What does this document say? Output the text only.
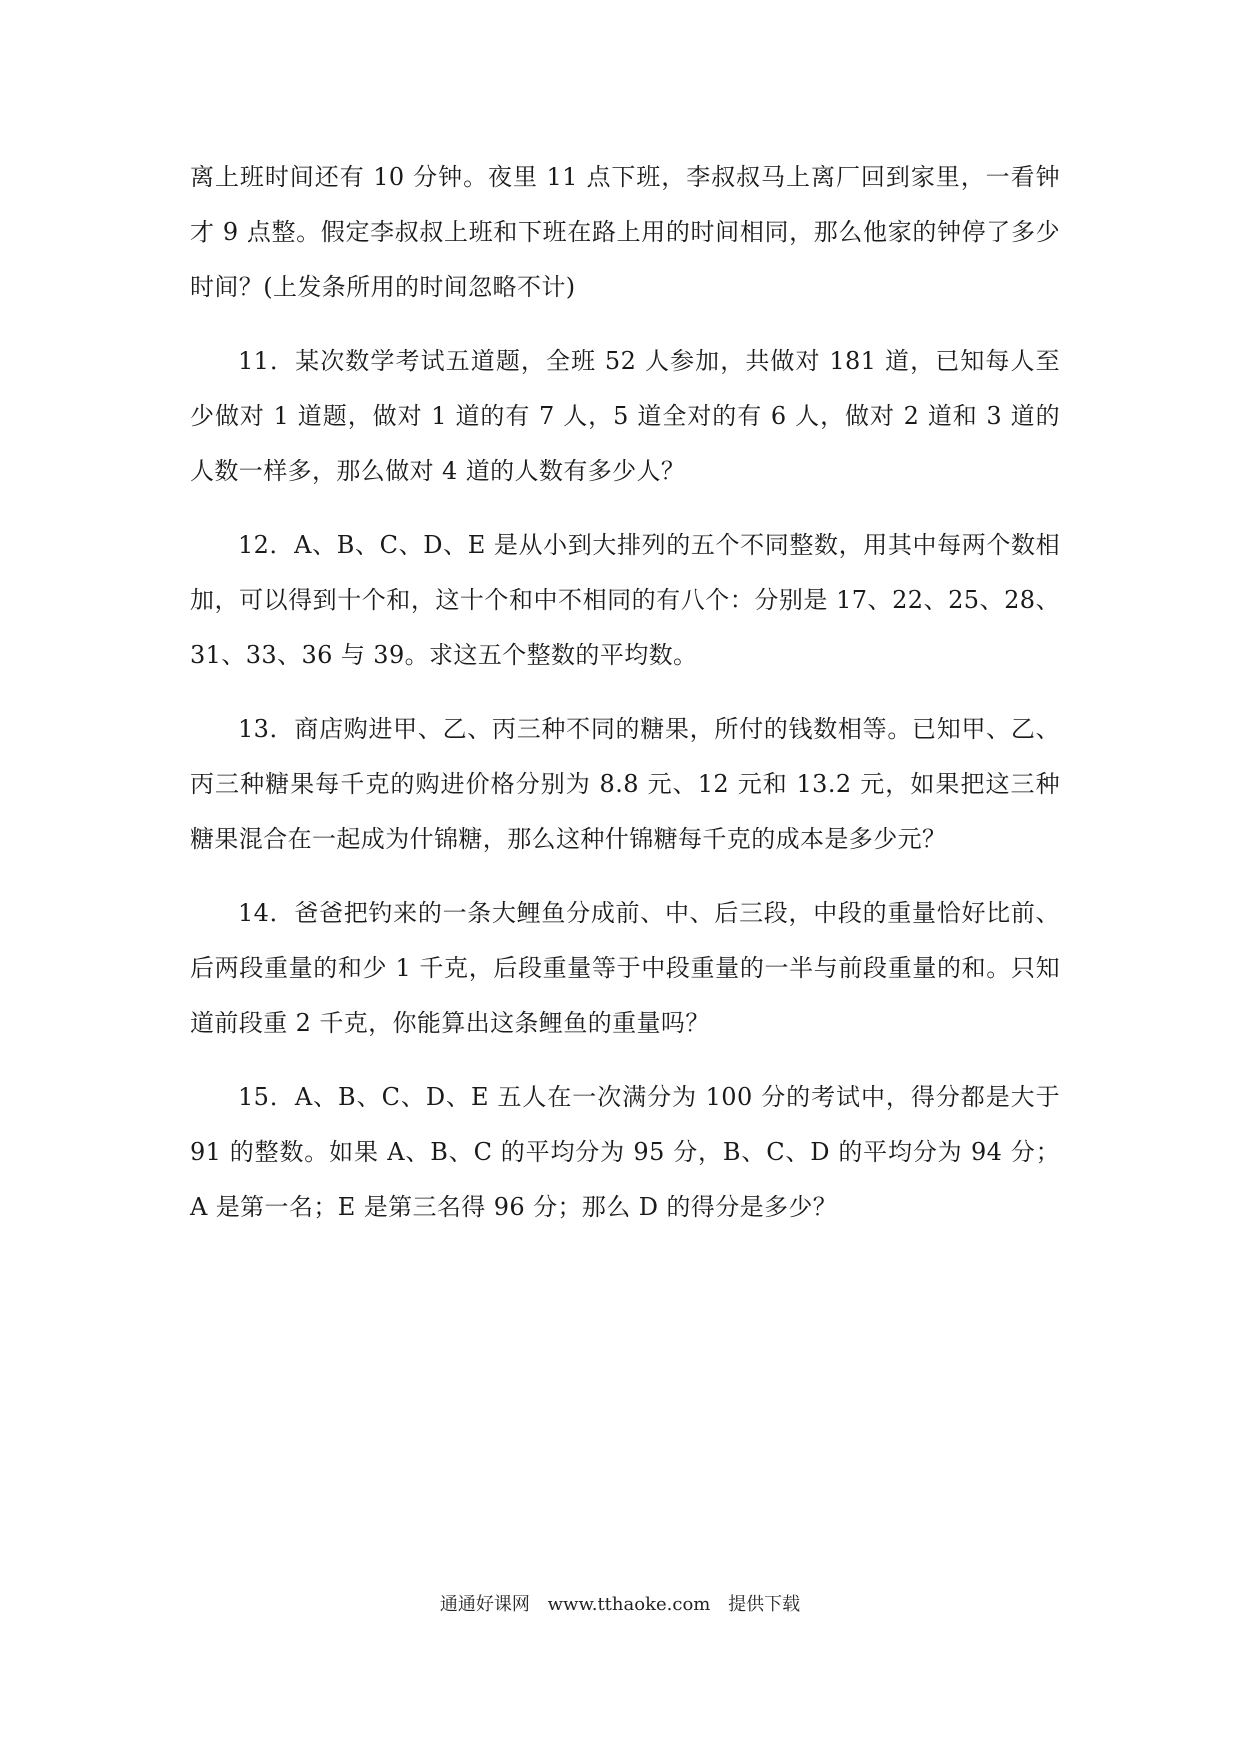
离上班时间还有 10 分钟。夜里 11 点下班，李叔叔马上离厂回到家里，一看钟才 9 点整。假定李叔叔上班和下班在路上用的时间相同，那么他家的钟停了多少时间？(上发条所用的时间忽略不计)

11．某次数学考试五道题，全班 52 人参加，共做对 181 道，已知每人至少做对 1 道题，做对 1 道的有 7 人，5 道全对的有 6 人，做对 2 道和 3 道的人数一样多，那么做对 4 道的人数有多少人？

12．A、B、C、D、E 是从小到大排列的五个不同整数，用其中每两个数相加，可以得到十个和，这十个和中不相同的有八个：分别是 17、22、25、28、31、33、36 与 39。求这五个整数的平均数。

13．商店购进甲、乙、丙三种不同的糖果，所付的钱数相等。已知甲、乙、丙三种糖果每千克的购进价格分别为 8.8 元、12 元和 13.2 元，如果把这三种糖果混合在一起成为什锦糖，那么这种什锦糖每千克的成本是多少元？

14．爸爸把钓来的一条大鲤鱼分成前、中、后三段，中段的重量恰好比前、后两段重量的和少 1 千克，后段重量等于中段重量的一半与前段重量的和。只知道前段重 2 千克，你能算出这条鲤鱼的重量吗？

15．A、B、C、D、E 五人在一次满分为 100 分的考试中，得分都是大于 91 的整数。如果 A、B、C 的平均分为 95 分，B、C、D 的平均分为 94 分；A 是第一名；E 是第三名得 96 分；那么 D 的得分是多少？

通通好课网 www.tthaoke.com 提供下载
